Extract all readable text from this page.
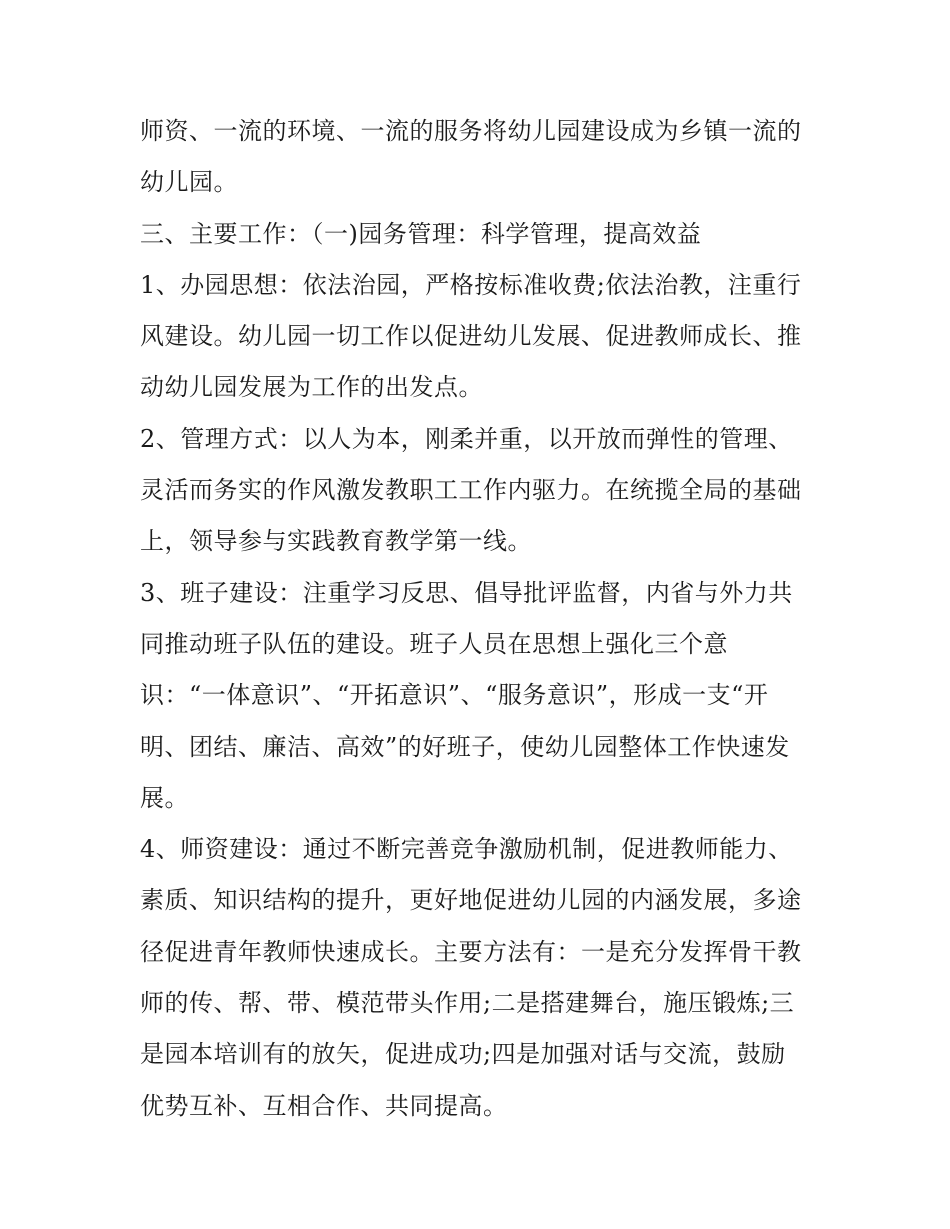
师资、一流的环境、一流的服务将幼儿园建设成为乡镇一流的
幼儿园。
三、主要工作：（一)园务管理：科学管理，提高效益
1、办园思想：依法治园，严格按标准收费;依法治教，注重行
风建设。幼儿园一切工作以促进幼儿发展、促进教师成长、推
动幼儿园发展为工作的出发点。
2、管理方式：以人为本，刚柔并重，以开放而弹性的管理、
灵活而务实的作风激发教职工工作内驱力。在统揽全局的基础
上，领导参与实践教育教学第一线。
3、班子建设：注重学习反思、倡导批评监督，内省与外力共
同推动班子队伍的建设。班子人员在思想上强化三个意
识：“一体意识”、“开拓意识”、“服务意识”，形成一支“开
明、团结、廉洁、高效”的好班子，使幼儿园整体工作快速发
展。
4、师资建设：通过不断完善竞争激励机制，促进教师能力、
素质、知识结构的提升，更好地促进幼儿园的内涵发展，多途
径促进青年教师快速成长。主要方法有：一是充分发挥骨干教
师的传、帮、带、模范带头作用;二是搭建舞台，施压锻炼;三
是园本培训有的放矢，促进成功;四是加强对话与交流，鼓励
优势互补、互相合作、共同提高。
